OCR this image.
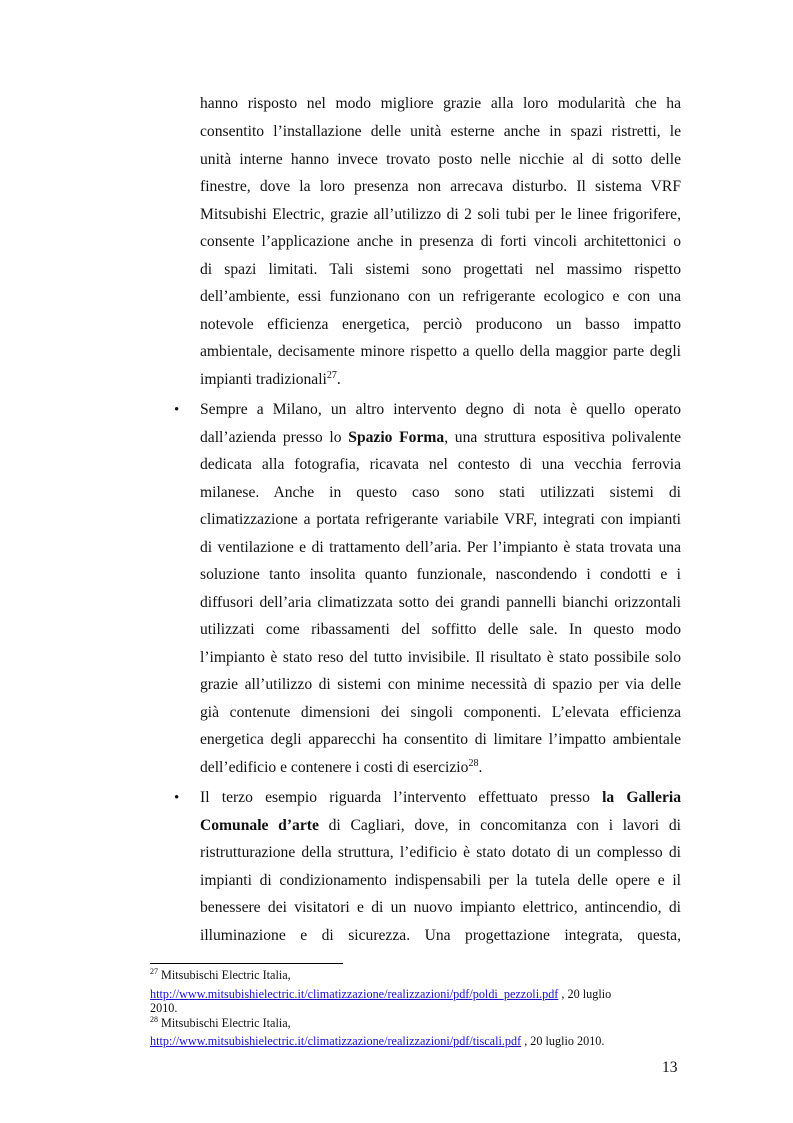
hanno risposto nel modo migliore grazie alla loro modularità che ha
consentito l’installazione delle unità esterne anche in spazi ristretti, le
unità interne hanno invece trovato posto nelle nicchie al di sotto delle
finestre, dove la loro presenza non arrecava disturbo. Il sistema VRF
Mitsubishi Electric, grazie all’utilizzo di 2 soli tubi per le linee frigorifere,
consente l’applicazione anche in presenza di forti vincoli architettonici o
di spazi limitati. Tali sistemi sono progettati nel massimo rispetto
dell’ambiente, essi funzionano con un refrigerante ecologico e con una
notevole efficienza energetica, perciò producono un basso impatto
ambientale, decisamente minore rispetto a quello della maggior parte degli
impianti tradizionali$^{27}$.
• Sempre a Milano, un altro intervento degno di nota è quello operato
dall’azienda presso lo Spazio Forma, una struttura espositiva polivalente
dedicata alla fotografia, ricavata nel contesto di una vecchia ferrovia
milanese. Anche in questo caso sono stati utilizzati sistemi di
climatizzazione a portata refrigerante variabile VRF, integrati con impianti
di ventilazione e di trattamento dell’aria. Per l’impianto è stata trovata una
soluzione tanto insolita quanto funzionale, nascondendo i condotti e i
diffusori dell’aria climatizzata sotto dei grandi pannelli bianchi orizzontali
utilizzati come ribassamenti del soffitto delle sale. In questo modo
l’impianto è stato reso del tutto invisibile. Il risultato è stato possibile solo
grazie all’utilizzo di sistemi con minime necessità di spazio per via delle
già contenute dimensioni dei singoli componenti. L’elevata efficienza
energetica degli apparecchi ha consentito di limitare l’impatto ambientale
dell’edificio e contenere i costi di esercizio$^{28}$.
• Il terzo esempio riguarda l’intervento effettuato presso la Galleria
Comunale d’arte di Cagliari, dove, in concomitanza con i lavori di
ristrutturazione della struttura, l’edificio è stato dotato di un complesso di
impianti di condizionamento indispensabili per la tutela delle opere e il
benessere dei visitatori e di un nuovo impianto elettrico, antincendio, di
illuminazione e di sicurezza. Una progettazione integrata, questa,
$^{27}$ Mitsubischi Electric Italia,
http://www.mitsubishielectric.it/climatizzazione/realizzazioni/pdf/poldi_pezzoli.pdf , 20 luglio
2010.
$^{28}$ Mitsubischi Electric Italia,
http://www.mitsubishielectric.it/climatizzazione/realizzazioni/pdf/tiscali.pdf , 20 luglio 2010.
13
